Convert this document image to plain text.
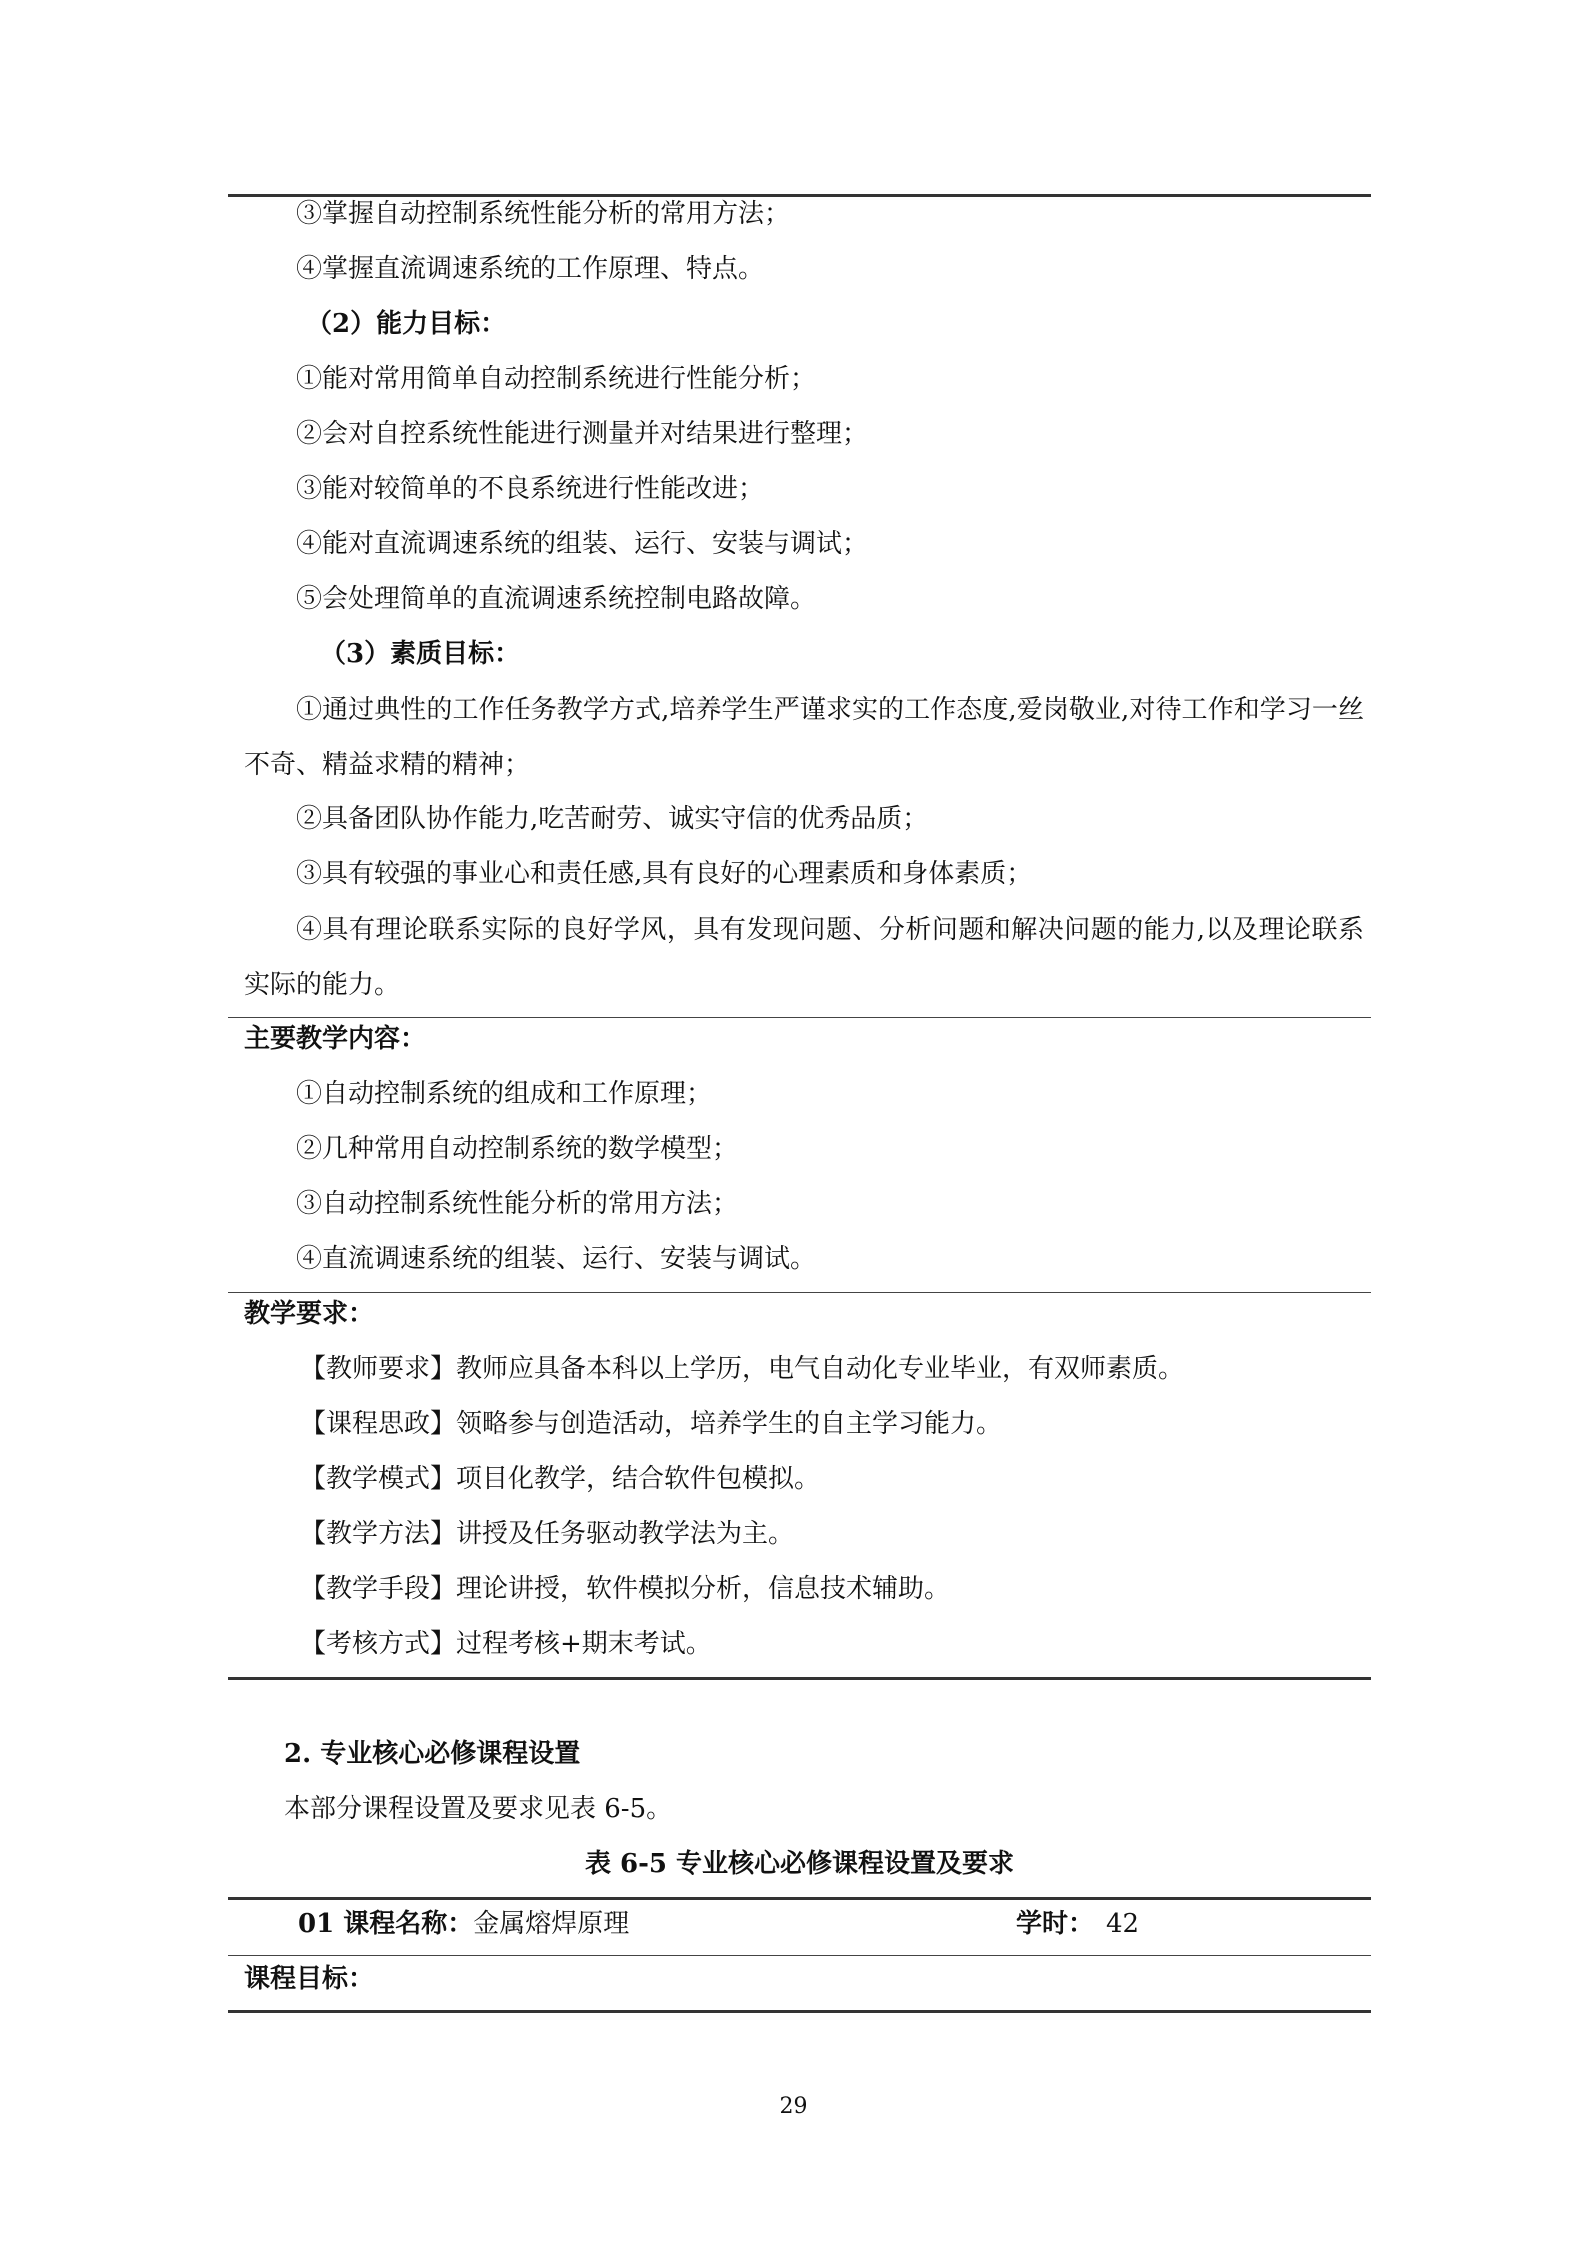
③掌握自动控制系统性能分析的常用方法；
④掌握直流调速系统的工作原理、特点。
（2）能力目标：
①能对常用简单自动控制系统进行性能分析；
②会对自控系统性能进行测量并对结果进行整理；
③能对较简单的不良系统进行性能改进；
④能对直流调速系统的组装、运行、安装与调试；
⑤会处理简单的直流调速系统控制电路故障。
（3）素质目标：
①通过典性的工作任务教学方式,培养学生严谨求实的工作态度,爱岗敬业,对待工作和学习一丝不奇、精益求精的精神；
②具备团队协作能力,吃苦耐劳、诚实守信的优秀品质；
③具有较强的事业心和责任感,具有良好的心理素质和身体素质；
④具有理论联系实际的良好学风，具有发现问题、分析问题和解决问题的能力,以及理论联系实际的能力。
主要教学内容：
①自动控制系统的组成和工作原理；
②几种常用自动控制系统的数学模型；
③自动控制系统性能分析的常用方法；
④直流调速系统的组装、运行、安装与调试。
教学要求：
【教师要求】教师应具备本科以上学历，电气自动化专业毕业，有双师素质。
【课程思政】领略参与创造活动，培养学生的自主学习能力。
【教学模式】项目化教学，结合软件包模拟。
【教学方法】讲授及任务驱动教学法为主。
【教学手段】理论讲授，软件模拟分析，信息技术辅助。
【考核方式】过程考核+期末考试。
2. 专业核心必修课程设置
本部分课程设置及要求见表 6-5。
表 6-5 专业核心必修课程设置及要求
01 课程名称：金属熔焊原理	学时： 42
课程目标：
29
